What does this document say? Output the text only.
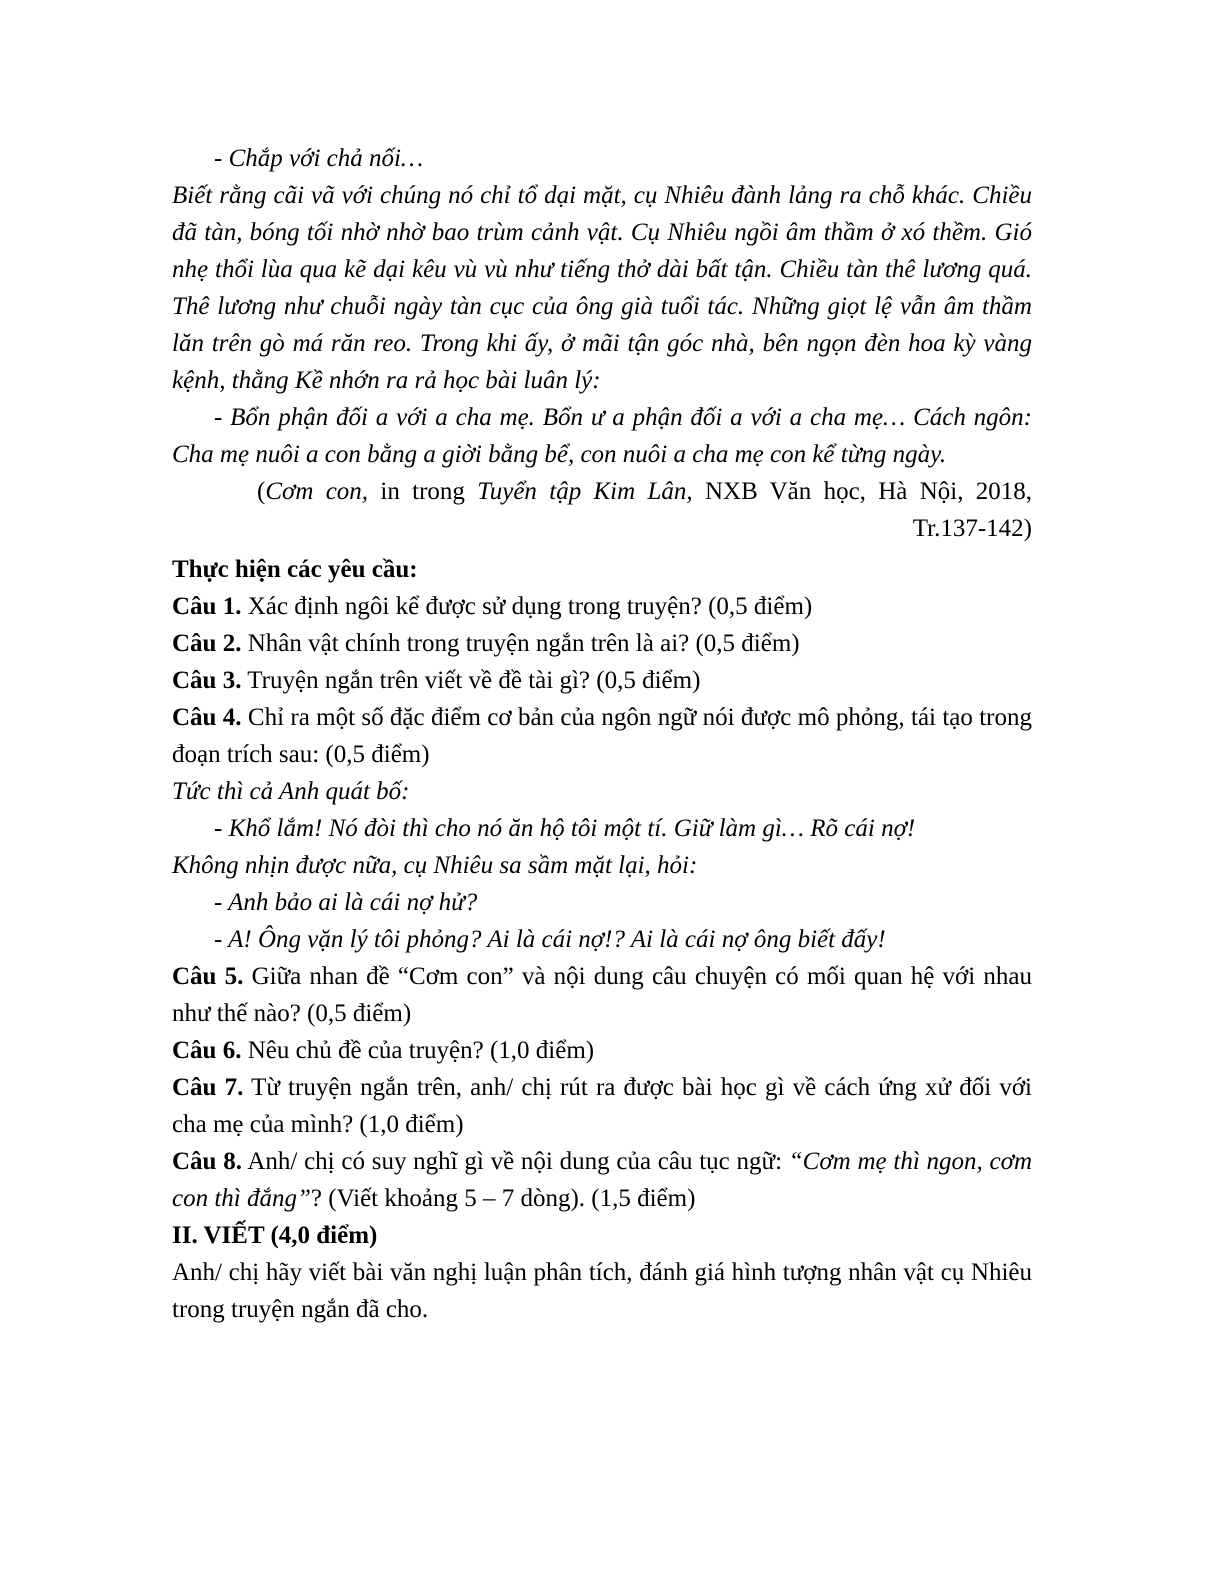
- Chắp với chả nối…

Biết rằng cãi vã với chúng nó chỉ tổ dại mặt, cụ Nhiêu đành lảng ra chỗ khác. Chiều đã tàn, bóng tối nhờ nhờ bao trùm cảnh vật. Cụ Nhiêu ngồi âm thầm ở xó thềm. Gió nhẹ thổi lùa qua kẽ dại kêu vù vù như tiếng thở dài bất tận. Chiều tàn thê lương quá. Thê lương như chuỗi ngày tàn cục của ông già tuổi tác. Những giọt lệ vẫn âm thầm lăn trên gò má răn reo. Trong khi ấy, ở mãi tận góc nhà, bên ngọn đèn hoa kỳ vàng kệnh, thằng Kề nhớn ra rả học bài luân lý:

- Bổn phận đối a với a cha mẹ. Bổn ư a phận đối a với a cha mẹ… Cách ngôn: Cha mẹ nuôi a con bằng a giời bằng bể, con nuôi a cha mẹ con kể từng ngày.

(Cơm con, in trong Tuyển tập Kim Lân, NXB Văn học, Hà Nội, 2018, Tr.137-142)

Thực hiện các yêu cầu:

Câu 1. Xác định ngôi kể được sử dụng trong truyện? (0,5 điểm)

Câu 2. Nhân vật chính trong truyện ngắn trên là ai? (0,5 điểm)

Câu 3. Truyện ngắn trên viết về đề tài gì? (0,5 điểm)

Câu 4. Chỉ ra một số đặc điểm cơ bản của ngôn ngữ nói được mô phỏng, tái tạo trong đoạn trích sau: (0,5 điểm)

Tức thì cả Anh quát bố:

- Khổ lắm! Nó đòi thì cho nó ăn hộ tôi một tí. Giữ làm gì… Rõ cái nợ!

Không nhịn được nữa, cụ Nhiêu sa sầm mặt lại, hỏi:

- Anh bảo ai là cái nợ hử?

- A! Ông vặn lý tôi phỏng? Ai là cái nợ!? Ai là cái nợ ông biết đấy!

Câu 5. Giữa nhan đề “Cơm con” và nội dung câu chuyện có mối quan hệ với nhau như thế nào? (0,5 điểm)

Câu 6. Nêu chủ đề của truyện? (1,0 điểm)

Câu 7. Từ truyện ngắn trên, anh/ chị rút ra được bài học gì về cách ứng xử đối với cha mẹ của mình? (1,0 điểm)

Câu 8. Anh/ chị có suy nghĩ gì về nội dung của câu tục ngữ: “Cơm mẹ thì ngon, cơm con thì đắng”? (Viết khoảng 5 – 7 dòng). (1,5 điểm)

II. VIẾT (4,0 điểm)

Anh/ chị hãy viết bài văn nghị luận phân tích, đánh giá hình tượng nhân vật cụ Nhiêu trong truyện ngắn đã cho.
